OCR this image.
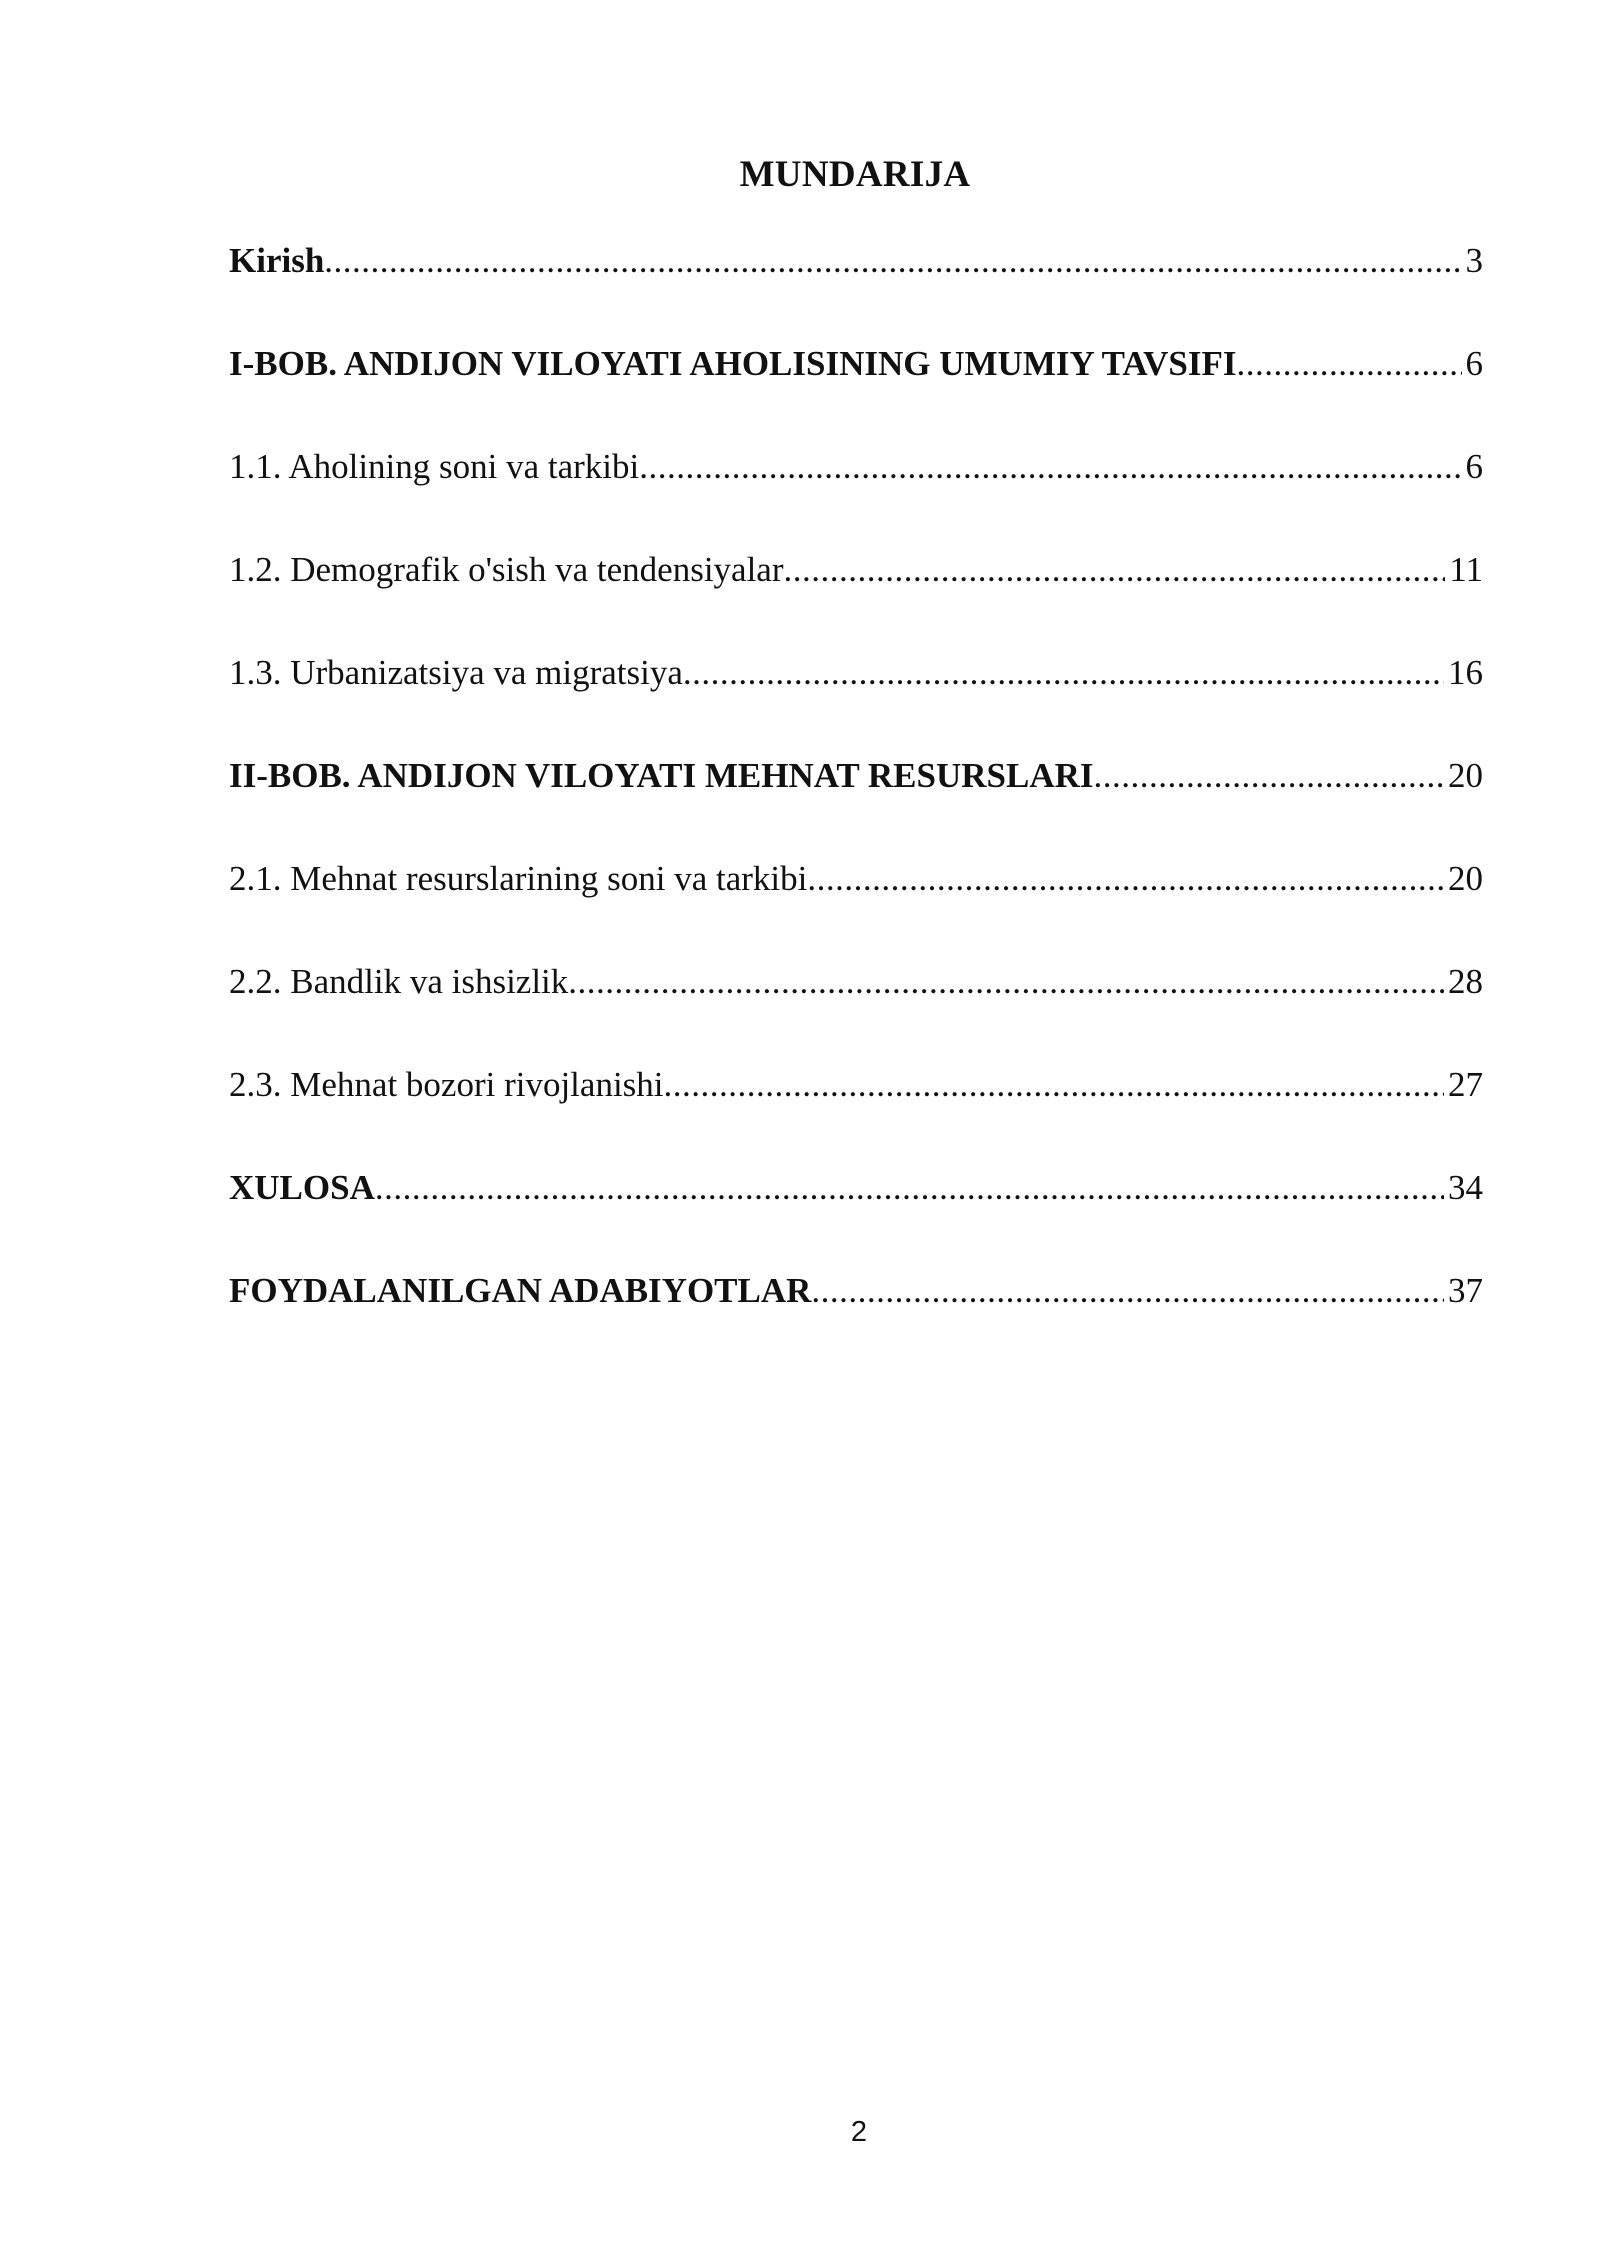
MUNDARIJA
Kirish .....	3
I-BOB. ANDIJON VILOYATI AHOLISINING UMUMIY TAVSIFI .....	6
1.1. Aholining soni va tarkibi .....	6
1.2. Demografik o'sish va tendensiyalar .....	11
1.3. Urbanizatsiya va migratsiya .....	16
II-BOB. ANDIJON VILOYATI MEHNAT RESURSLARI .....	20
2.1. Mehnat resurslarining soni va tarkibi .....	20
2.2. Bandlik va ishsizlik .....	28
2.3. Mehnat bozori rivojlanishi .....	27
XULOSA .....	34
FOYDALANILGAN ADABIYOTLAR .....	37
2
